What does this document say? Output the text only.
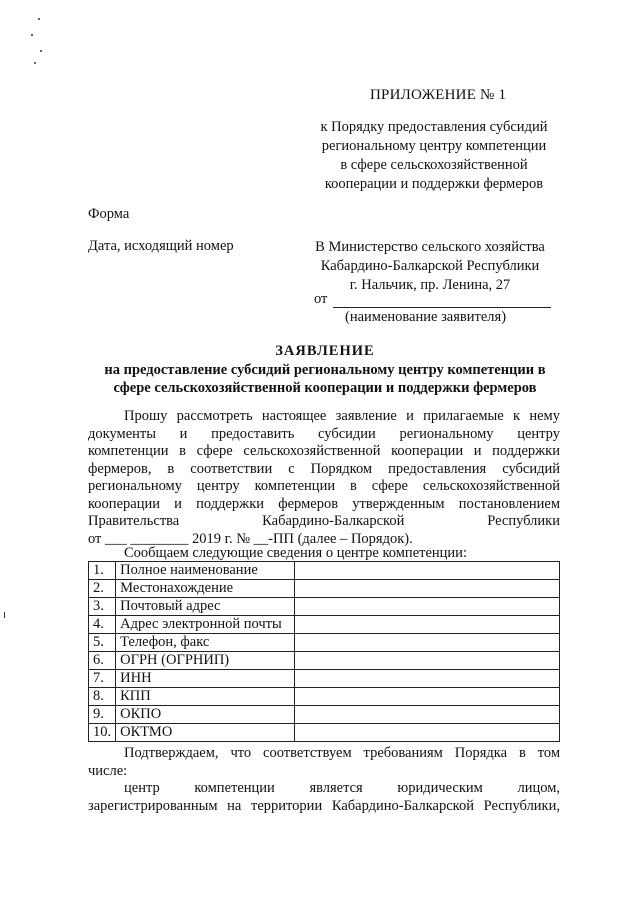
ПРИЛОЖЕНИЕ № 1
к Порядку предоставления субсидий
региональному центру компетенции
в сфере сельскохозяйственной
кооперации и поддержки фермеров
Форма
Дата, исходящий номер	В Министерство сельского хозяйства
Кабардино-Балкарской Республики
г. Нальчик, пр. Ленина, 27
от
(наименование заявителя)
ЗАЯВЛЕНИЕ
на предоставление субсидий региональному центру компетенции в
сфере сельскохозяйственной кооперации и поддержки фермеров
Прошу рассмотреть настоящее заявление и прилагаемые к нему
документы и предоставить субсидии региональному центру
компетенции в сфере сельскохозяйственной кооперации и поддержки
фермеров, в соответствии с Порядком предоставления субсидий
региональному центру компетенции в сфере сельскохозяйственной
кооперации и поддержки фермеров утвержденным постановлением
Правительства Кабардино-Балкарской Республики
от ___ ________ 2019 г. № __-ПП (далее – Порядок).
Сообщаем следующие сведения о центре компетенции:
1.	Полное наименование	
2.	Местонахождение	
3.	Почтовый адрес	
4.	Адрес электронной почты	
5.	Телефон, факс	
6.	ОГРН (ОГРНИП)	
7.	ИНН	
8.	КПП	
9.	ОКПО	
10.	ОКТМО	
Подтверждаем, что соответствуем требованиям Порядка в том
числе:
центр компетенции является юридическим лицом,
зарегистрированным на территории Кабардино-Балкарской Республики,
